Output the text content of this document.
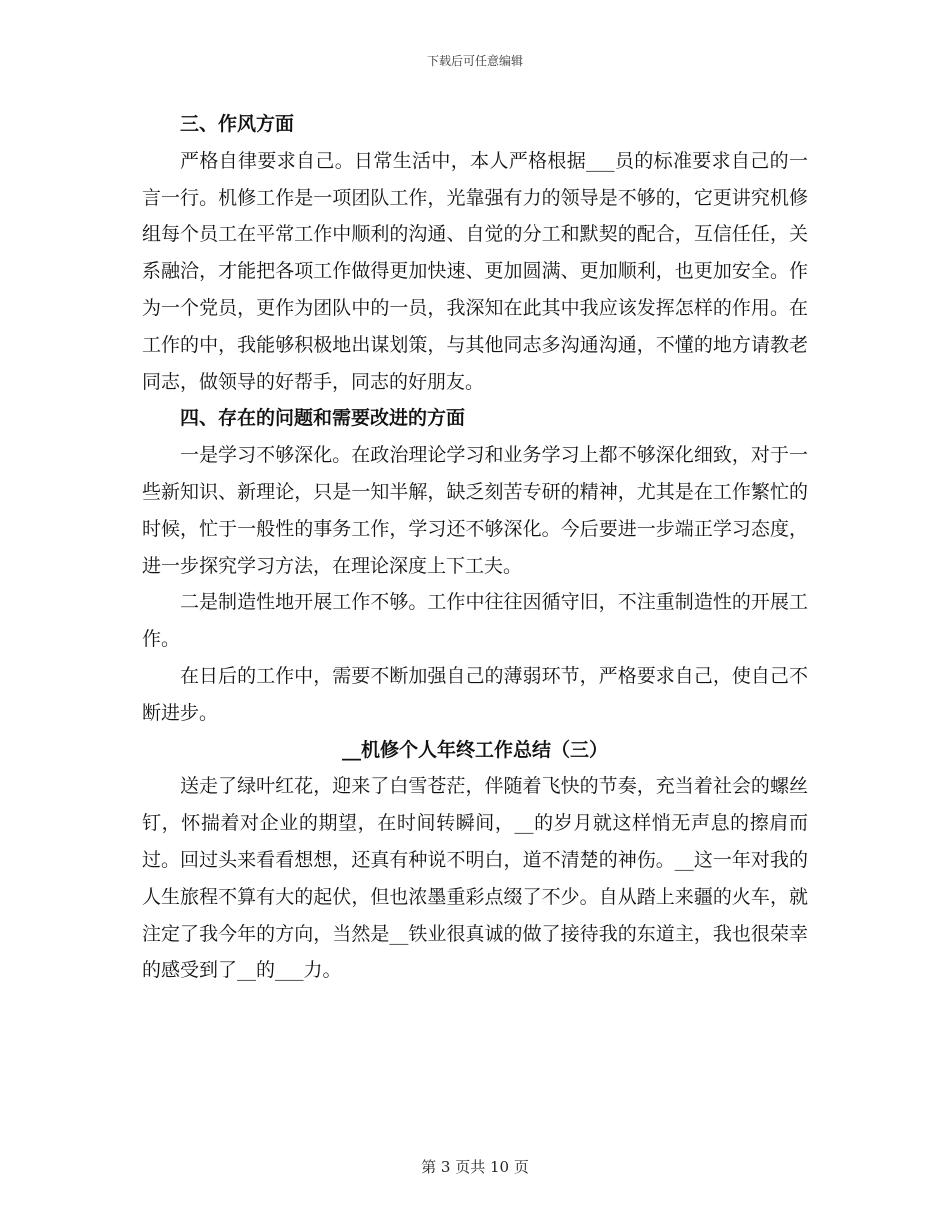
下载后可任意编辑

三、作风方面

严格自律要求自己。日常生活中，本人严格根据___员的标准要求自己的一言一行。机修工作是一项团队工作，光靠强有力的领导是不够的，它更讲究机修组每个员工在平常工作中顺利的沟通、自觉的分工和默契的配合，互信任任，关系融洽，才能把各项工作做得更加快速、更加圆满、更加顺利，也更加安全。作为一个党员，更作为团队中的一员，我深知在此其中我应该发挥怎样的作用。在工作的中，我能够积极地出谋划策，与其他同志多沟通沟通，不懂的地方请教老同志，做领导的好帮手，同志的好朋友。

四、存在的问题和需要改进的方面

一是学习不够深化。在政治理论学习和业务学习上都不够深化细致，对于一些新知识、新理论，只是一知半解，缺乏刻苦专研的精神，尤其是在工作繁忙的时候，忙于一般性的事务工作，学习还不够深化。今后要进一步端正学习态度，进一步探究学习方法，在理论深度上下工夫。

二是制造性地开展工作不够。工作中往往因循守旧，不注重制造性的开展工作。

在日后的工作中，需要不断加强自己的薄弱环节，严格要求自己，使自己不断进步。

__机修个人年终工作总结（三）

送走了绿叶红花，迎来了白雪苍茫，伴随着飞快的节奏，充当着社会的螺丝钉，怀揣着对企业的期望，在时间转瞬间，__的岁月就这样悄无声息的擦肩而过。回过头来看看想想，还真有种说不明白，道不清楚的神伤。__这一年对我的人生旅程不算有大的起伏，但也浓墨重彩点缀了不少。自从踏上来疆的火车，就注定了我今年的方向，当然是__铁业很真诚的做了接待我的东道主，我也很荣幸的感受到了__的___力。

第 3 页共 10 页
